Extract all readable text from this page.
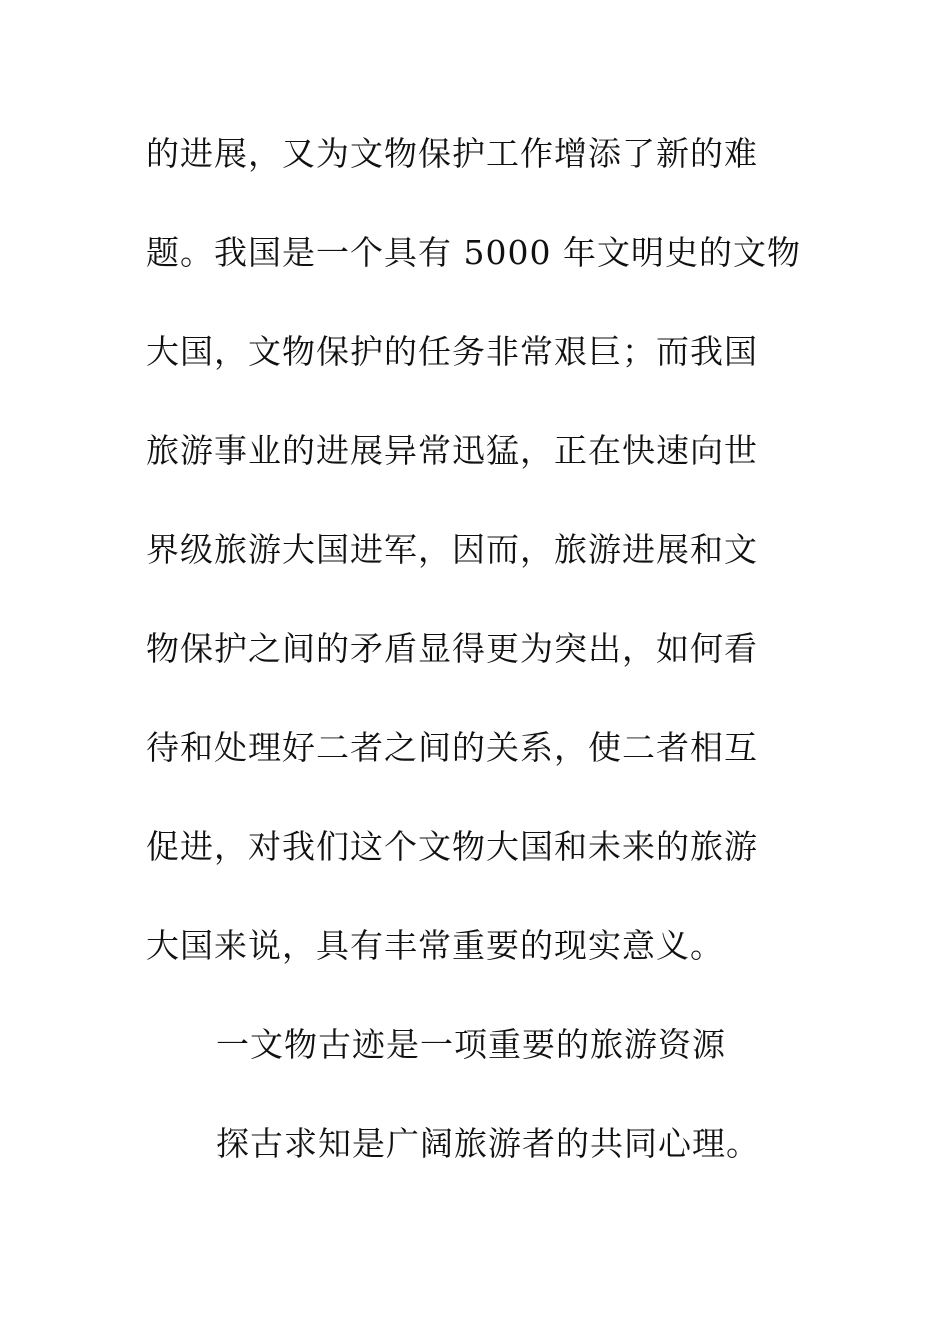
的进展，又为文物保护工作增添了新的难
题。我国是一个具有 5000 年文明史的文物
大国，文物保护的任务非常艰巨；而我国
旅游事业的进展异常迅猛，正在快速向世
界级旅游大国进军，因而，旅游进展和文
物保护之间的矛盾显得更为突出，如何看
待和处理好二者之间的关系，使二者相互
促进，对我们这个文物大国和未来的旅游
大国来说，具有丰常重要的现实意义。
一文物古迹是一项重要的旅游资源
探古求知是广阔旅游者的共同心理。
